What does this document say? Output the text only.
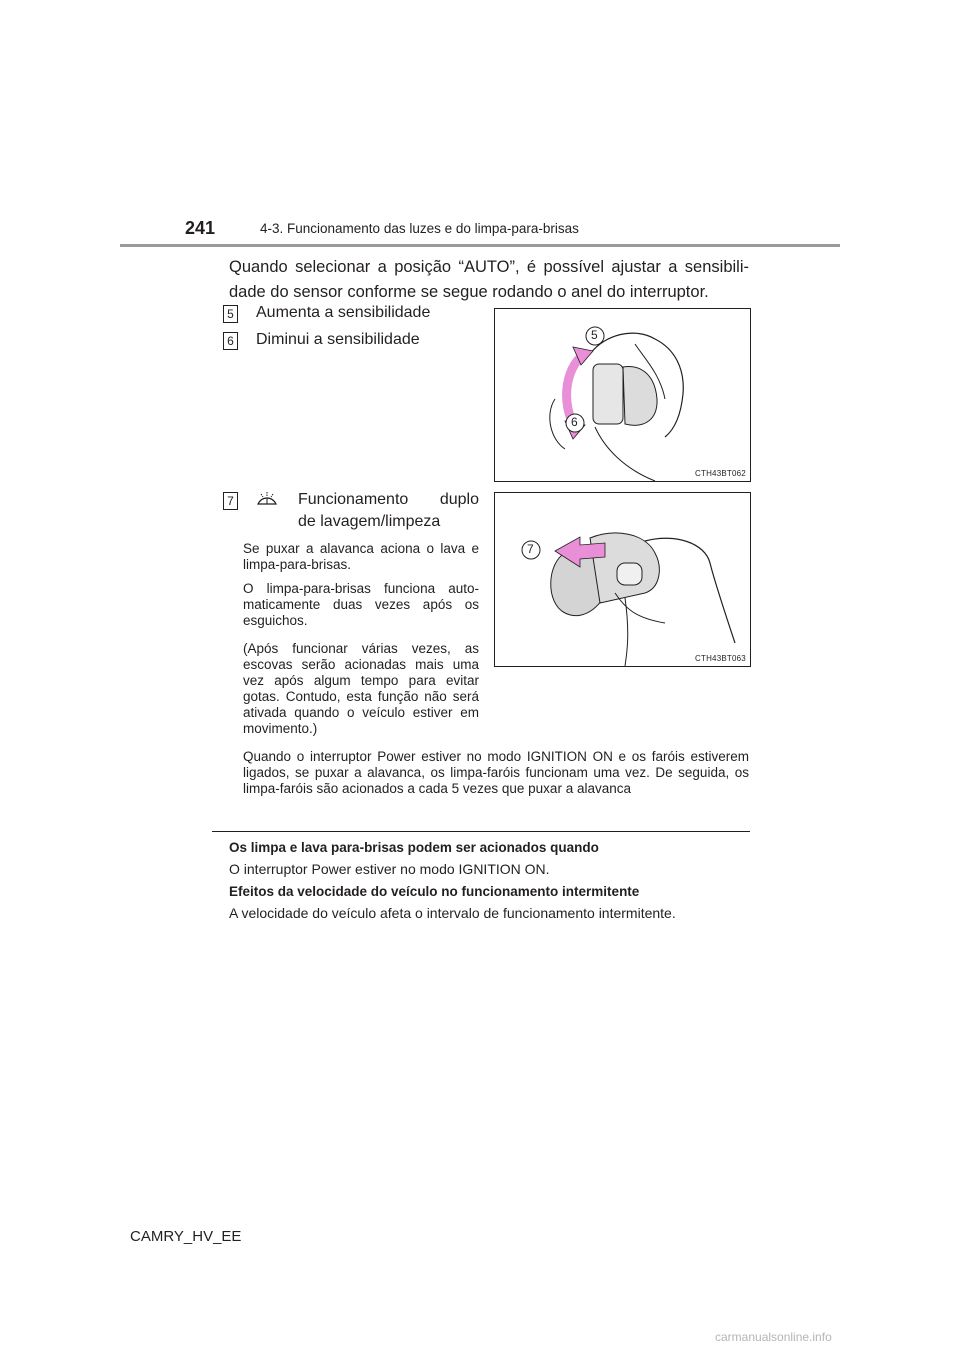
241	4-3. Funcionamento das luzes e do limpa-para-brisas
Quando selecionar a posição “AUTO”, é possível ajustar a sensibili-dade do sensor conforme se segue rodando o anel do interruptor.
5 Aumenta a sensibilidade
6 Diminui a sensibilidade	5
6
CTH43BT062
7	Funcionamento duplo
de lavagem/limpeza
Se puxar a alavanca aciona o lava e limpa-para-brisas.
O limpa-para-brisas funciona auto-maticamente duas vezes após os esguichos.
(Após funcionar várias vezes, as escovas serão acionadas mais uma vez após algum tempo para evitar gotas. Contudo, esta função não será ativada quando o veículo estiver em movimento.)
7
CTH43BT063
Quando o interruptor Power estiver no modo IGNITION ON e os faróis estiverem ligados, se puxar a alavanca, os limpa-faróis funcionam uma vez. De seguida, os limpa-faróis são acionados a cada 5 vezes que puxar a alavanca
Os limpa e lava para-brisas podem ser acionados quando
O interruptor Power estiver no modo IGNITION ON.
Efeitos da velocidade do veículo no funcionamento intermitente
A velocidade do veículo afeta o intervalo de funcionamento intermitente.
CAMRY_HV_EE
carmanualsonline.info
